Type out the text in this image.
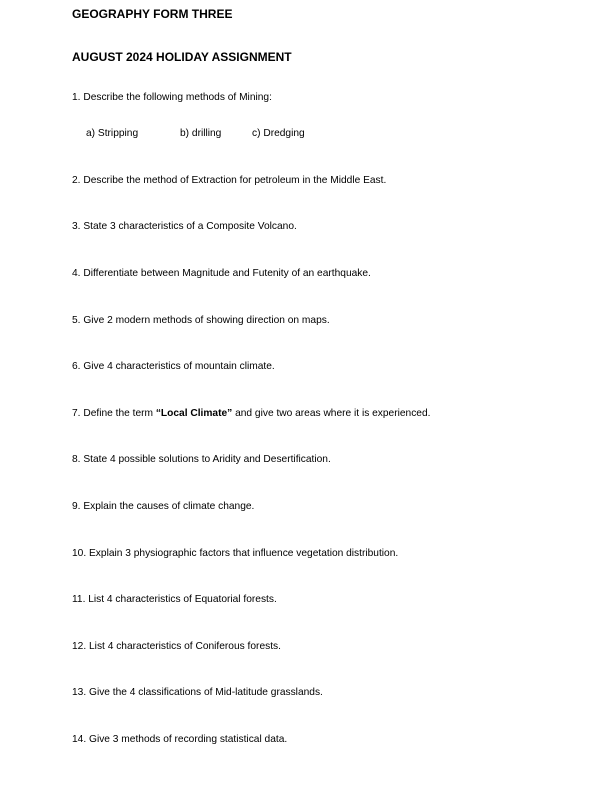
GEOGRAPHY FORM THREE
AUGUST 2024 HOLIDAY ASSIGNMENT
1. Describe the following methods of Mining:
a) Stripping	b) drilling	c) Dredging
2. Describe the method of Extraction for petroleum in the Middle East.
3. State 3 characteristics of a Composite Volcano.
4. Differentiate between Magnitude and Futenity of an earthquake.
5. Give 2 modern methods of showing direction on maps.
6. Give 4 characteristics of mountain climate.
7. Define the term “Local Climate” and give two areas where it is experienced.
8. State 4 possible solutions to Aridity and Desertification.
9. Explain the causes of climate change.
10. Explain 3 physiographic factors that influence vegetation distribution.
11. List 4 characteristics of Equatorial forests.
12. List 4 characteristics of Coniferous forests.
13. Give the 4 classifications of Mid-latitude grasslands.
14. Give 3 methods of recording statistical data.
